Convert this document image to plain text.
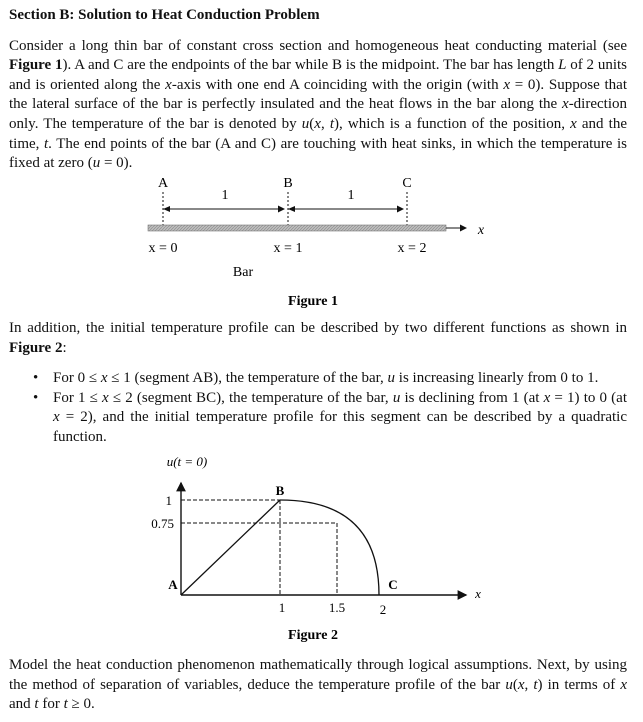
Section B: Solution to Heat Conduction Problem

Consider a long thin bar of constant cross section and homogeneous heat conducting material (see Figure 1). A and C are the endpoints of the bar while B is the midpoint. The bar has length L of 2 units and is oriented along the x-axis with one end A coinciding with the origin (with x = 0). Suppose that the lateral surface of the bar is perfectly insulated and the heat flows in the bar along the x-direction only. The temperature of the bar is denoted by u(x, t), which is a function of the position, x and the time, t. The end points of the bar (A and C) are touching with heat sinks, in which the temperature is fixed at zero (u = 0).

A	B	C
1	1
x
x = 0	x = 1	x = 2
Bar
Figure 1

In addition, the initial temperature profile can be described by two different functions as shown in Figure 2:

• For 0 ≤ x ≤ 1 (segment AB), the temperature of the bar, u is increasing linearly from 0 to 1.
• For 1 ≤ x ≤ 2 (segment BC), the temperature of the bar, u is declining from 1 (at x = 1) to 0 (at x = 2), and the initial temperature profile for this segment can be described by a quadratic function.
u(t = 0)
x
1
0.75
1	1.5	2
A
B
C
Figure 2

Model the heat conduction phenomenon mathematically through logical assumptions. Next, by using the method of separation of variables, deduce the temperature profile of the bar u(x, t) in terms of x and t for t ≥ 0.
